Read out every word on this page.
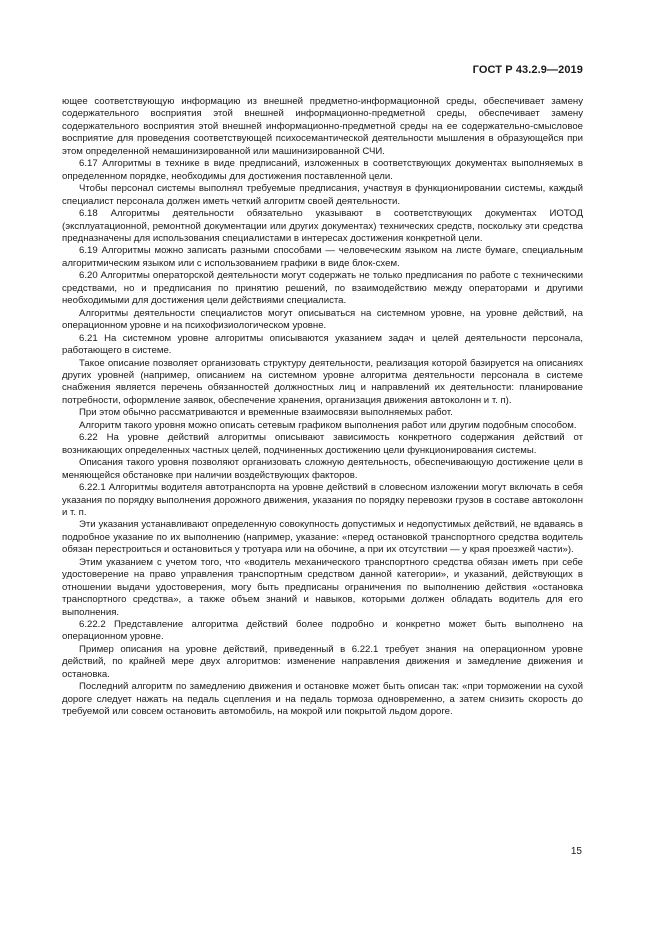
ГОСТ Р 43.2.9—2019

ющее соответствующую информацию из внешней предметно-информационной среды, обеспечивает замену содержательного восприятия этой внешней информационно-предметной среды, обеспечивает замену содержательного восприятия этой внешней информационно-предметной среды на ее содержательно-смысловое восприятие для проведения соответствующей психосемантической деятельности мышления в образующейся при этом определенной немашинизированной или машинизированной СЧИ.

6.17 Алгоритмы в технике в виде предписаний, изложенных в соответствующих документах выполняемых в определенном порядке, необходимы для достижения поставленной цели.

Чтобы персонал системы выполнял требуемые предписания, участвуя в функционировании системы, каждый специалист персонала должен иметь четкий алгоритм своей деятельности.

6.18 Алгоритмы деятельности обязательно указывают в соответствующих документах ИОТОД (эксплуатационной, ремонтной документации или других документах) технических средств, поскольку эти средства предназначены для использования специалистами в интересах достижения конкретной цели.

6.19 Алгоритмы можно записать разными способами — человеческим языком на листе бумаге, специальным алгоритмическим языком или с использованием графики в виде блок-схем.

6.20 Алгоритмы операторской деятельности могут содержать не только предписания по работе с техническими средствами, но и предписания по принятию решений, по взаимодействию между операторами и другими необходимыми для достижения цели действиями специалиста.

Алгоритмы деятельности специалистов могут описываться на системном уровне, на уровне действий, на операционном уровне и на психофизиологическом уровне.

6.21 На системном уровне алгоритмы описываются указанием задач и целей деятельности персонала, работающего в системе.

Такое описание позволяет организовать структуру деятельности, реализация которой базируется на описаниях других уровней (например, описанием на системном уровне алгоритма деятельности персонала в системе снабжения является перечень обязанностей должностных лиц и направлений их деятельности: планирование потребности, оформление заявок, обеспечение хранения, организация движения автоколонн и т. п).

При этом обычно рассматриваются и временные взаимосвязи выполняемых работ.

Алгоритм такого уровня можно описать сетевым графиком выполнения работ или другим подобным способом.

6.22 На уровне действий алгоритмы описывают зависимость конкретного содержания действий от возникающих определенных частных целей, подчиненных достижению цели функционирования системы.

Описания такого уровня позволяют организовать сложную деятельность, обеспечивающую достижение цели в меняющейся обстановке при наличии воздействующих факторов.

6.22.1 Алгоритмы водителя автотранспорта на уровне действий в словесном изложении могут включать в себя указания по порядку выполнения дорожного движения, указания по порядку перевозки грузов в составе автоколонн и т. п.

Эти указания устанавливают определенную совокупность допустимых и недопустимых действий, не вдаваясь в подробное указание по их выполнению (например, указание: «перед остановкой транспортного средства водитель обязан перестроиться и остановиться у тротуара или на обочине, а при их отсутствии — у края проезжей части»).

Этим указанием с учетом того, что «водитель механического транспортного средства обязан иметь при себе удостоверение на право управления транспортным средством данной категории», и указаний, действующих в отношении выдачи удостоверения, могу быть предписаны ограничения по выполнению действия «остановка транспортного средства», а также объем знаний и навыков, которыми должен обладать водитель для его выполнения.

6.22.2 Представление алгоритма действий более подробно и конкретно может быть выполнено на операционном уровне.

Пример описания на уровне действий, приведенный в 6.22.1 требует знания на операционном уровне действий, по крайней мере двух алгоритмов: изменение направления движения и замедление движения и остановка.

Последний алгоритм по замедлению движения и остановке может быть описан так: «при торможении на сухой дороге следует нажать на педаль сцепления и на педаль тормоза одновременно, а затем снизить скорость до требуемой или совсем остановить автомобиль, на мокрой или покрытой льдом дороге.

15
